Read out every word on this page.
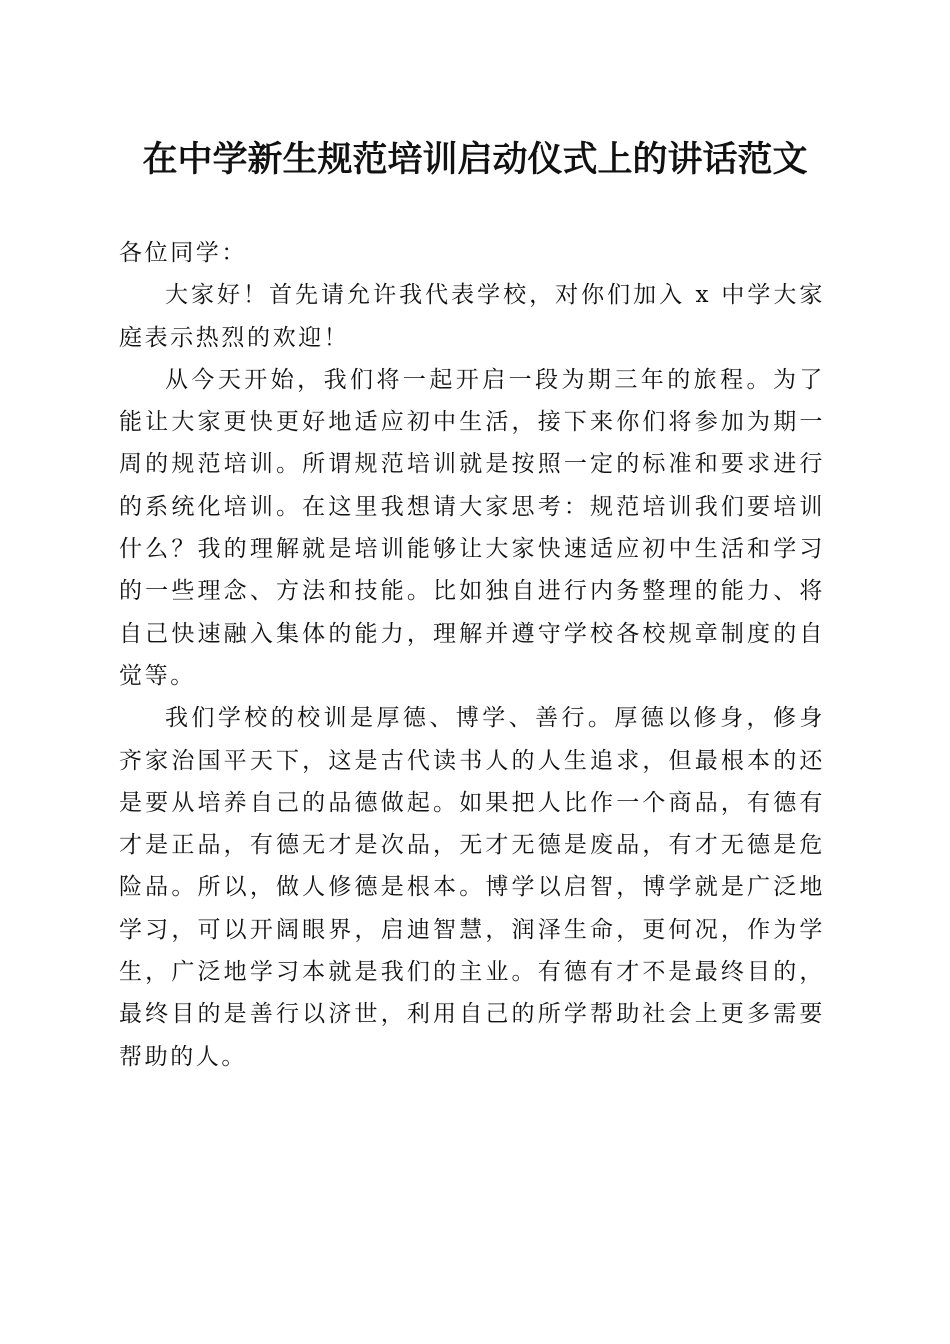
在中学新生规范培训启动仪式上的讲话范文

各位同学：

大家好！首先请允许我代表学校，对你们加入 x 中学大家庭表示热烈的欢迎！

从今天开始，我们将一起开启一段为期三年的旅程。为了能让大家更快更好地适应初中生活，接下来你们将参加为期一周的规范培训。所谓规范培训就是按照一定的标准和要求进行的系统化培训。在这里我想请大家思考：规范培训我们要培训什么？我的理解就是培训能够让大家快速适应初中生活和学习的一些理念、方法和技能。比如独自进行内务整理的能力、将自己快速融入集体的能力，理解并遵守学校各校规章制度的自觉等。

我们学校的校训是厚德、博学、善行。厚德以修身，修身齐家治国平天下，这是古代读书人的人生追求，但最根本的还是要从培养自己的品德做起。如果把人比作一个商品，有德有才是正品，有德无才是次品，无才无德是废品，有才无德是危险品。所以，做人修德是根本。博学以启智，博学就是广泛地学习，可以开阔眼界，启迪智慧，润泽生命，更何况，作为学生，广泛地学习本就是我们的主业。有德有才不是最终目的，最终目的是善行以济世，利用自己的所学帮助社会上更多需要帮助的人。
